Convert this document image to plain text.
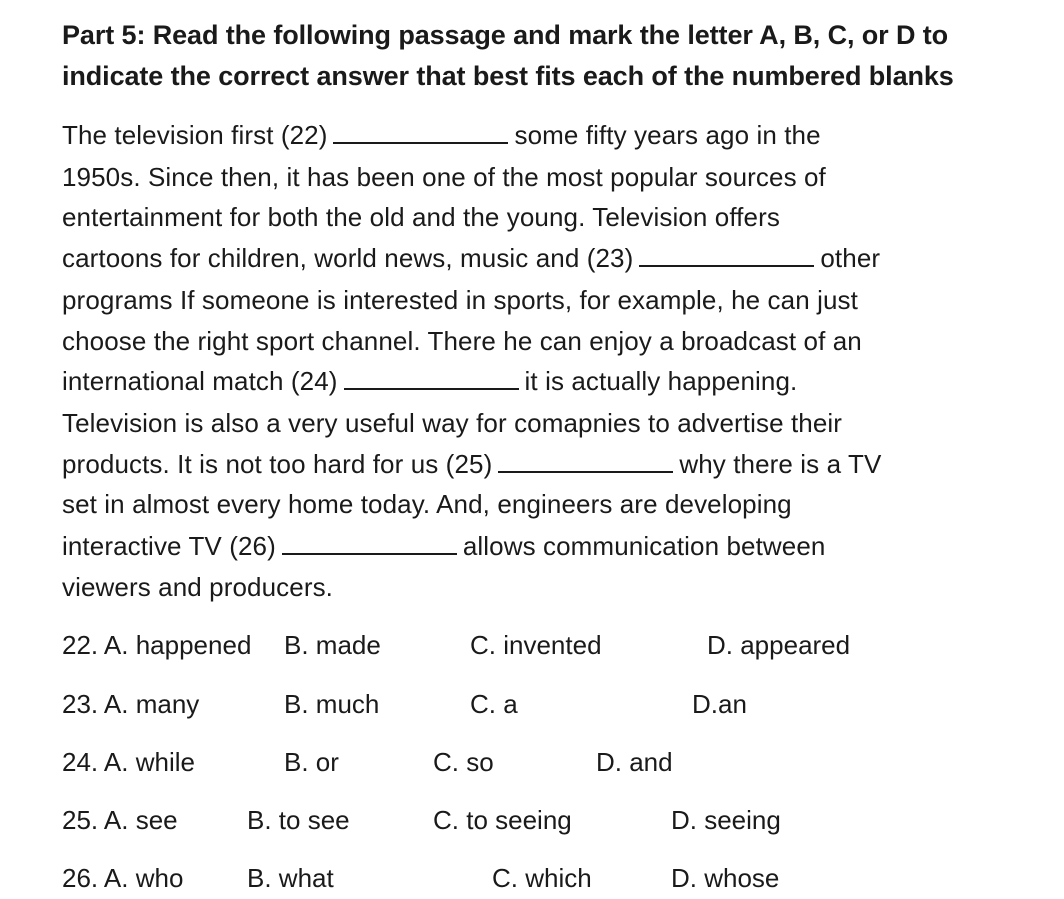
Part 5: Read the following passage and mark the letter A, B, C, or D to
indicate the correct answer that best fits each of the numbered blanks
The television first (22)	some fifty years ago in the
1950s. Since then, it has been one of the most popular sources of
entertainment for both the old and the young. Television offers
cartoons for children, world news, music and (23)	other
programs If someone is interested in sports, for example, he can just
choose the right sport channel. There he can enjoy a broadcast of an
international match (24)	it is actually happening.
Television is also a very useful way for comapnies to advertise their
products. It is not too hard for us (25)	why there is a TV
set in almost every home today. And, engineers are developing
interactive TV (26)	allows communication between
viewers and producers.
22. A. happened B. made	C. invented	D. appeared
23. A. many	B. much	C. a	D.an
24. A. while	B. or	C. so	D. and
25. A. see	B. to see	C. to seeing	D. seeing
26. A. who B. what	C. which	D. whose
